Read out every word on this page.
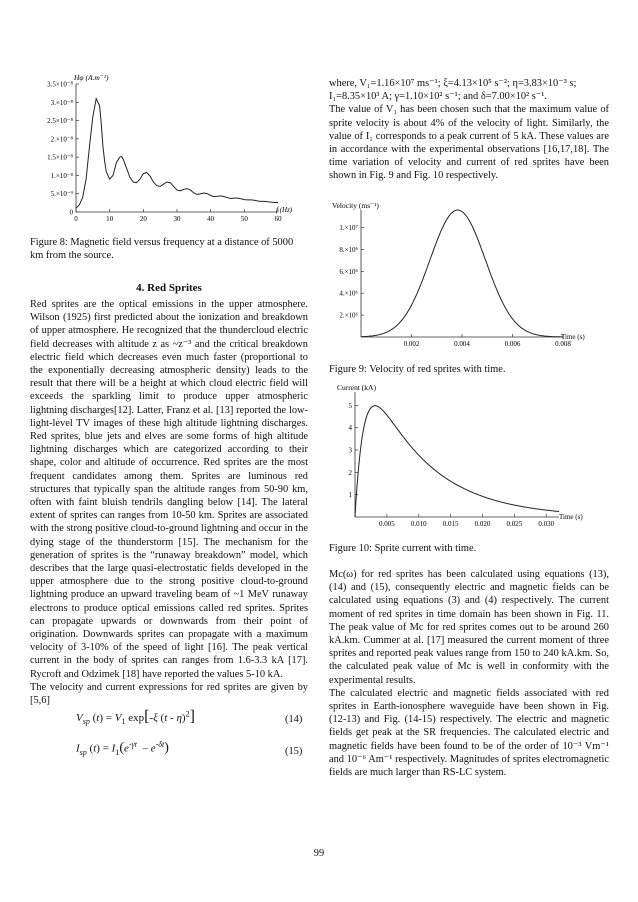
Hφ (A.m⁻¹)
0
5.×10⁻⁹
1.×10⁻⁸
1.5×10⁻⁸
2.×10⁻⁸
2.5×10⁻⁸
3.×10⁻⁸
3.5×10⁻⁸
0	10	20	30	40	50	60
f (Hz)
Figure 8: Magnetic field versus frequency at a distance of 5000 km from the source.
4. Red Sprites

Red sprites are the optical emissions in the upper atmosphere. Wilson (1925) first predicted about the ionization and breakdown of upper atmosphere. He recognized that the thundercloud electric field decreases with altitude z as ~z⁻³ and the critical breakdown electric field which decreases even much faster (proportional to the exponentially decreasing atmospheric density) leads to the result that there will be a height at which cloud electric field will exceeds the sparkling limit to produce upper atmospheric lightning discharges[12]. Latter, Franz et al. [13] reported the low-light-level TV images of these high altitude lightning discharges. Red sprites, blue jets and elves are some forms of high altitude lightning discharges which are categorized according to their shape, color and altitude of occurrence. Red sprites are the most frequent candidates among them. Sprites are luminous red structures that typically span the altitude ranges from 50-90 km, often with faint bluish tendrils dangling below [14]. The lateral extent of sprites can ranges from 10-50 km. Sprites are associated with the strong positive cloud-to-ground lightning and occur in the dying stage of the thunderstorm [15]. The mechanism for the generation of sprites is the “runaway breakdown” model, which describes that the large quasi-electrostatic fields developed in the upper atmosphere due to the strong positive cloud-to-ground lightning produce an upward traveling beam of ~1 MeV runaway electrons to produce optical emissions called red sprites. Sprites can propagate upwards or downwards from their point of origination. Downwards sprites can propagate with a maximum velocity of 3-10% of the speed of light [16]. The peak vertical current in the body of sprites can ranges from 1.6-3.3 kA [17]. Rycroft and Odzimek [18] have reported the values 5-10 kA.

The velocity and current expressions for red sprites are given by [5,6]

$V_{sp}$ $(t) = V_1$ exp[-ξ (t - η)$^2$]	(14)
$I_{sp}$ $(t) = I_1(e^{-\gamma t} - e^{-\delta t})$	(15)

where, V₁=1.16×10⁷ ms⁻¹; ξ=4.13×10⁵ s⁻²; η=3.83×10⁻³ s;

I₁=8.35×10³ A; γ=1.10×10² s⁻¹; and δ=7.00×10² s⁻¹.

The value of V₁ has been chosen such that the maximum value of sprite velocity is about 4% of the velocity of light. Similarly, the value of I₁ corresponds to a peak current of 5 kA. These values are in accordance with the experimental observations [16,17,18]. The time variation of velocity and current of red sprites have been shown in Fig. 9 and Fig. 10 respectively.

Velocity (ms⁻¹)
2.×10⁶
4.×10⁶
6.×10⁶
8.×10⁶
1.×10⁷
0.002	0.004	0.006	0.008
Time (s)
Figure 9: Velocity of red sprites with time.
Current (kA)
1
2
3
4
5
0.005 0.010 0.015 0.020 0.025 0.030
Time (s)
Figure 10: Sprite current with time.

Mc(ω) for red sprites has been calculated using equations (13), (14) and (15), consequently electric and magnetic fields can be calculated using equations (3) and (4) respectively. The current moment of red sprites in time domain has been shown in Fig. 11. The peak value of Mc for red sprites comes out to be around 260 kA.km. Cummer at al. [17] measured the current moment of three sprites and reported peak values range from 150 to 240 kA.km. So, the calculated peak value of Mc is well in conformity with the experimental results.

The calculated electric and magnetic fields associated with red sprites in Earth-ionosphere waveguide have been shown in Fig. (12-13) and Fig. (14-15) respectively. The electric and magnetic fields get peak at the SR frequencies. The calculated electric and magnetic fields have been found to be of the order of 10⁻³ Vm⁻¹ and 10⁻⁶ Am⁻¹ respectively. Magnitudes of sprites electromagnetic fields are much larger than RS-LC system.

99
